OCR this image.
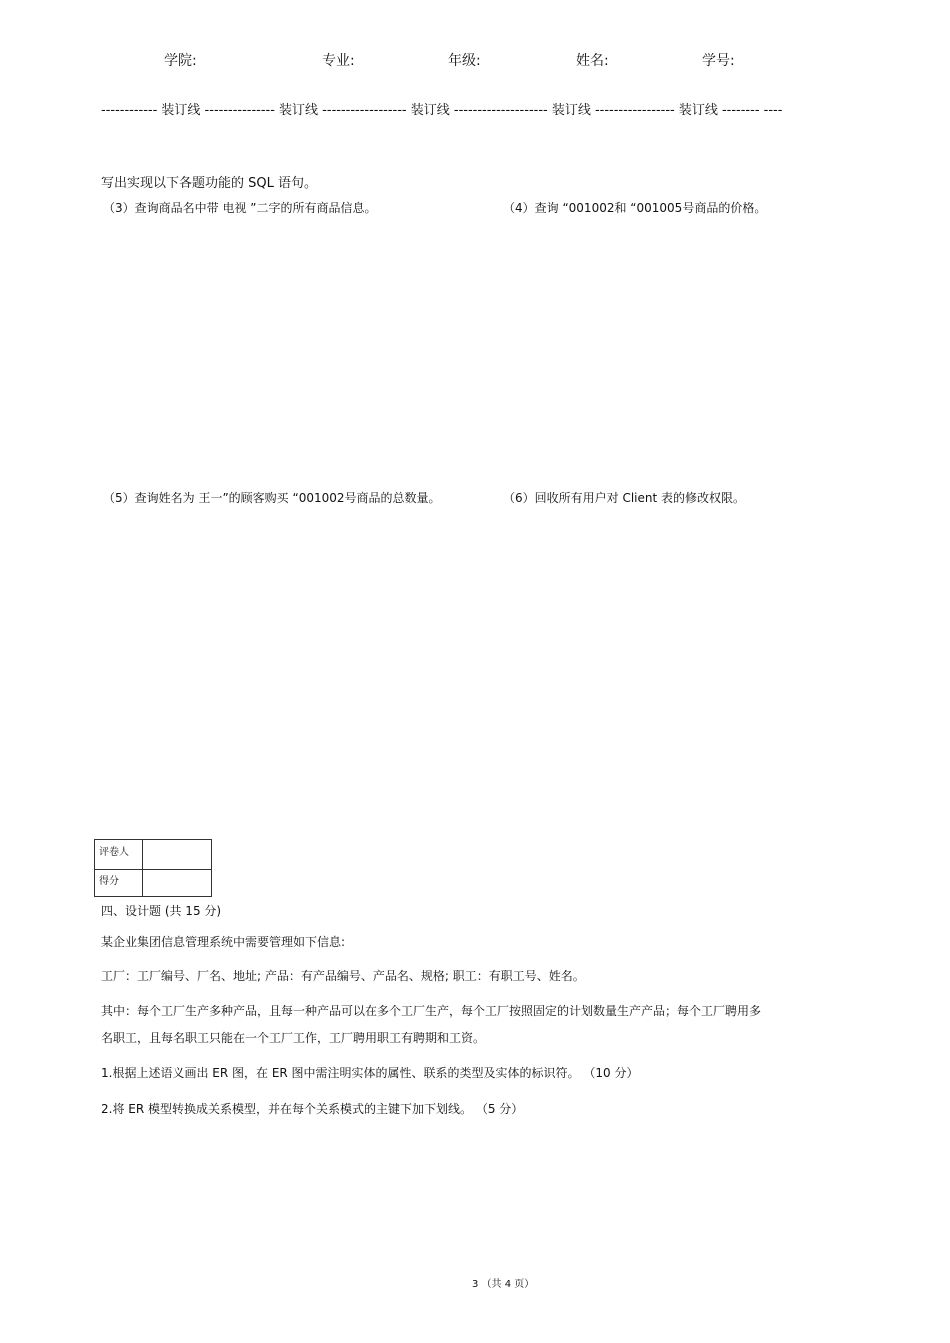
学院:	专业:	年级:	姓名:	学号:
------------ 装订线 --------------- 装订线 ------------------ 装订线 -------------------- 装订线 ----------------- 装订线 -------- ----
写出实现以下各题功能的 SQL 语句。
（3）查询商品名中带 电视 ”二字的所有商品信息。	（4）查询 “001002和 “001005号商品的价格。
（5）查询姓名为 王一”的顾客购买 “001002号商品的总数量。	（6）回收所有用户对 Client 表的修改权限。
评卷人
得分
四、设计题 (共 15 分)
某企业集团信息管理系统中需要管理如下信息:
工厂：工厂编号、厂名、地址; 产品：有产品编号、产品名、规格; 职工：有职工号、姓名。
其中：每个工厂生产多种产品，且每一种产品可以在多个工厂生产，每个工厂按照固定的计划数量生产产品；每个工厂聘用多
名职工，且每名职工只能在一个工厂工作，工厂聘用职工有聘期和工资。
1.根据上述语义画出 ER 图，在 ER 图中需注明实体的属性、联系的类型及实体的标识符。 （10 分）
2.将 ER 模型转换成关系模型，并在每个关系模式的主键下加下划线。 （5 分）
3 （共 4 页）
